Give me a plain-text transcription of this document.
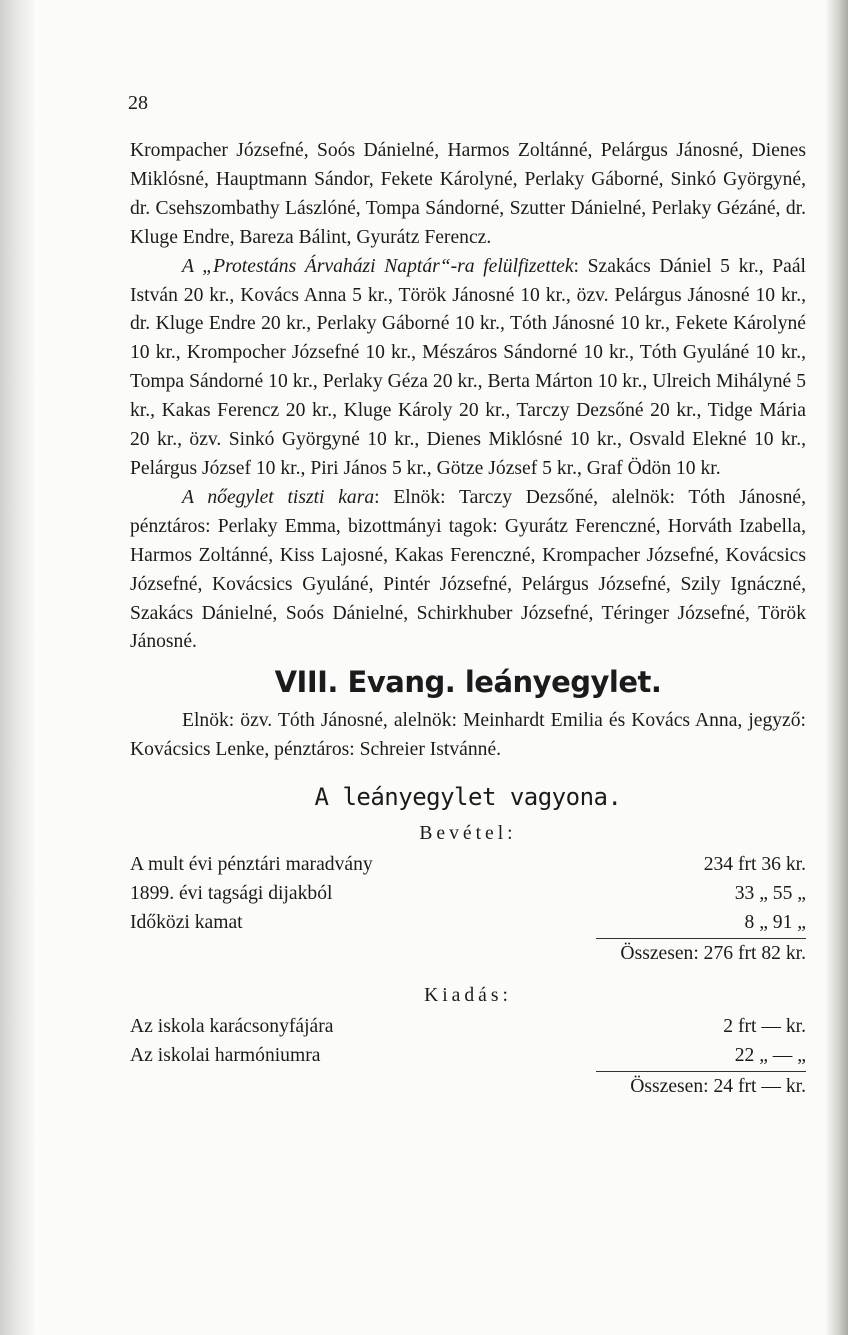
28

Krompacher Józsefné, Soós Dánielné, Harmos Zoltánné, Pelárgus Jánosné, Dienes Miklósné, Hauptmann Sándor, Fekete Károlyné, Perlaky Gáborné, Sinkó Györgyné, dr. Csehszombathy Lászlóné, Tompa Sándorné, Szutter Dánielné, Perlaky Gézáné, dr. Kluge Endre, Bareza Bálint, Gyurátz Ferencz.

A „Protestáns Árvaházi Naptár“-ra felülfizettek: Szakács Dániel 5 kr., Paál István 20 kr., Kovács Anna 5 kr., Török Jánosné 10 kr., özv. Pelárgus Jánosné 10 kr., dr. Kluge Endre 20 kr., Perlaky Gáborné 10 kr., Tóth Jánosné 10 kr., Fekete Károlyné 10 kr., Krompocher Józsefné 10 kr., Mészáros Sándorné 10 kr., Tóth Gyuláné 10 kr., Tompa Sándorné 10 kr., Perlaky Géza 20 kr., Berta Márton 10 kr., Ulreich Mihályné 5 kr., Kakas Ferencz 20 kr., Kluge Károly 20 kr., Tarczy Dezsőné 20 kr., Tidge Mária 20 kr., özv. Sinkó Györgyné 10 kr., Dienes Miklósné 10 kr., Osvald Elekné 10 kr., Pelárgus József 10 kr., Piri János 5 kr., Götze József 5 kr., Graf Ödön 10 kr.

A nőegylet tiszti kara: Elnök: Tarczy Dezsőné, alelnök: Tóth Jánosné, pénztáros: Perlaky Emma, bizottmányi tagok: Gyurátz Ferenczné, Horváth Izabella, Harmos Zoltánné, Kiss Lajosné, Kakas Ferenczné, Krompacher Józsefné, Kovácsics Józsefné, Kovácsics Gyuláné, Pintér Józsefné, Pelárgus Józsefné, Szily Ignáczné, Szakács Dánielné, Soós Dánielné, Schirkhuber Józsefné, Téringer Józsefné, Török Jánosné.

VIII. Evang. leányegylet.

Elnök: özv. Tóth Jánosné, alelnök: Meinhardt Emilia és Kovács Anna, jegyző: Kovácsics Lenke, pénztáros: Schreier Istvánné.

A leányegylet vagyona.
Bevétel:
A mult évi pénztári maradvány	234 frt 36 kr.
1899. évi tagsági dijakból	33 „ 55 „
Időközi kamat	8 „ 91 „
Összesen: 276 frt 82 kr.
Kiadás:
Az iskola karácsonyfájára	2 frt — kr.
Az iskolai harmóniumra	22 „ — „
Összesen: 24 frt — kr.
